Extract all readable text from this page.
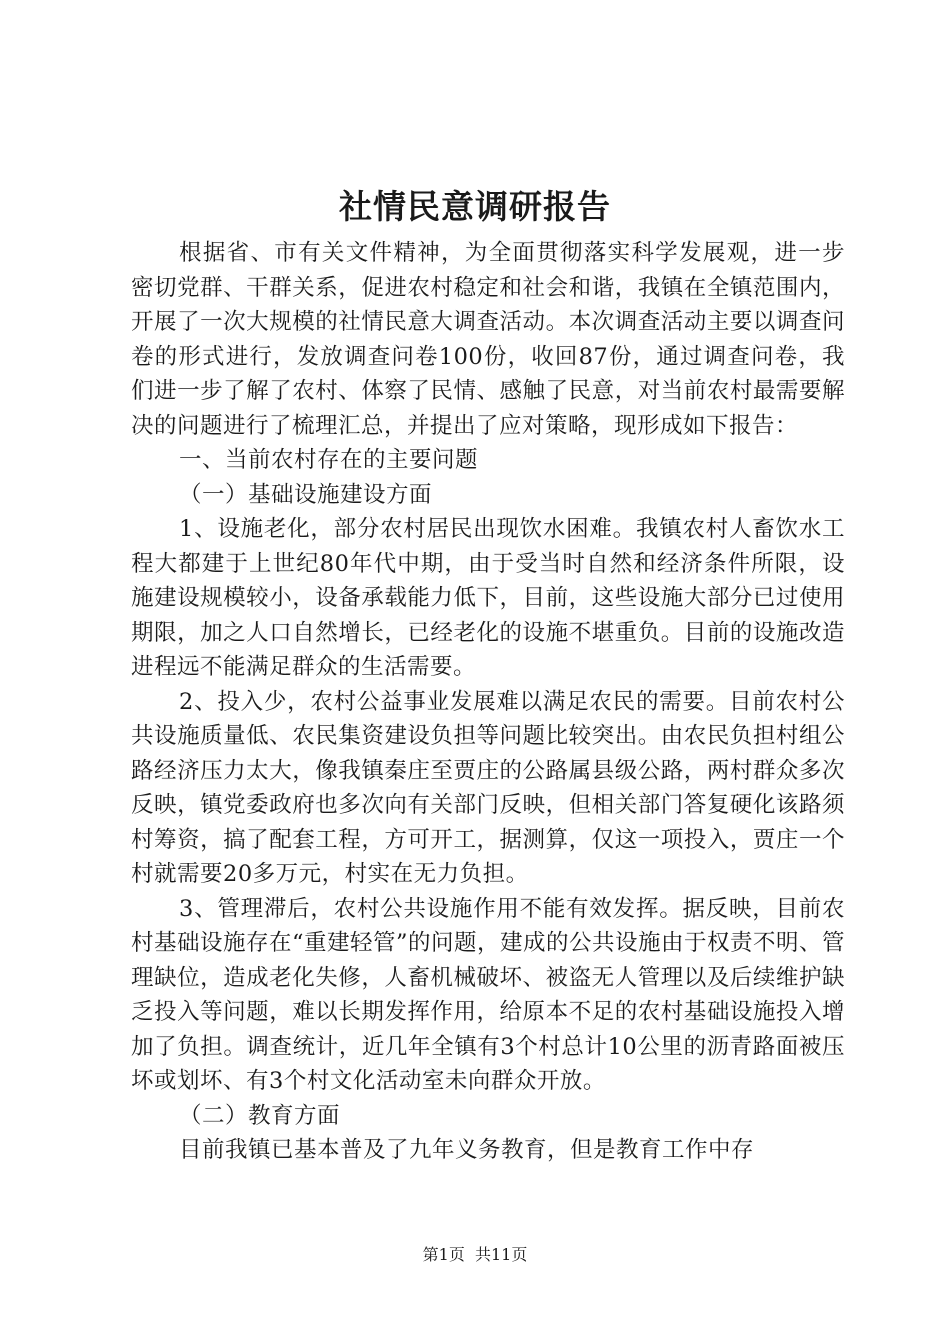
社情民意调研报告

根据省、市有关文件精神，为全面贯彻落实科学发展观，进一步密切党群、干群关系，促进农村稳定和社会和谐，我镇在全镇范围内，开展了一次大规模的社情民意大调查活动。本次调查活动主要以调查问卷的形式进行，发放调查问卷100份，收回87份，通过调查问卷，我们进一步了解了农村、体察了民情、感触了民意，对当前农村最需要解决的问题进行了梳理汇总，并提出了应对策略，现形成如下报告：

一、当前农村存在的主要问题

（一）基础设施建设方面

1、设施老化，部分农村居民出现饮水困难。我镇农村人畜饮水工程大都建于上世纪80年代中期，由于受当时自然和经济条件所限，设施建设规模较小，设备承载能力低下，目前，这些设施大部分已过使用期限，加之人口自然增长，已经老化的设施不堪重负。目前的设施改造进程远不能满足群众的生活需要。

2、投入少，农村公益事业发展难以满足农民的需要。目前农村公共设施质量低、农民集资建设负担等问题比较突出。由农民负担村组公路经济压力太大，像我镇秦庄至贾庄的公路属县级公路，两村群众多次反映，镇党委政府也多次向有关部门反映，但相关部门答复硬化该路须村筹资，搞了配套工程，方可开工，据测算，仅这一项投入，贾庄一个村就需要20多万元，村实在无力负担。

3、管理滞后，农村公共设施作用不能有效发挥。据反映，目前农村基础设施存在“重建轻管”的问题，建成的公共设施由于权责不明、管理缺位，造成老化失修，人畜机械破坏、被盗无人管理以及后续维护缺乏投入等问题，难以长期发挥作用，给原本不足的农村基础设施投入增加了负担。调查统计，近几年全镇有3个村总计10公里的沥青路面被压坏或划坏、有3个村文化活动室未向群众开放。

（二）教育方面

目前我镇已基本普及了九年义务教育，但是教育工作中存

第1页  共11页
